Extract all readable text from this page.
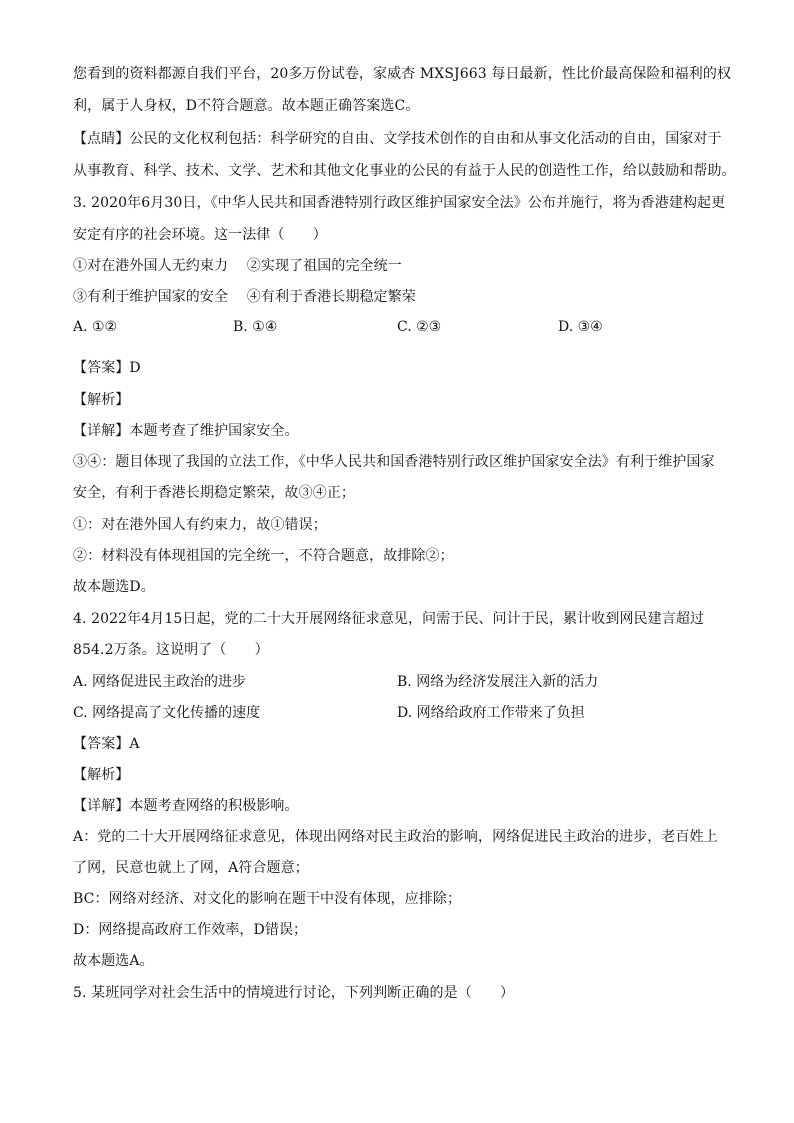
您看到的资料都源自我们平台，20多万份试卷，家威杏 MXSJ663 每日最新，性比价最高保险和福利的权
利，属于人身权，D不符合题意。故本题正确答案选C。
【点睛】公民的文化权利包括：科学研究的自由、文学技术创作的自由和从事文化活动的自由，国家对于
从事教育、科学、技术、文学、艺术和其他文化事业的公民的有益于人民的创造性工作，给以鼓励和帮助。
3. 2020年6月30日，《中华人民共和国香港特别行政区维护国家安全法》公布并施行，将为香港建构起更
安定有序的社会环境。这一法律（　　）
①对在港外国人无约束力　 ②实现了祖国的完全统一
③有利于维护国家的安全　 ④有利于香港长期稳定繁荣
A. ①②	B. ①④	C. ②③	D. ③④
【答案】D
【解析】
【详解】本题考查了维护国家安全。
③④：题目体现了我国的立法工作，《中华人民共和国香港特别行政区维护国家安全法》有利于维护国家
安全，有利于香港长期稳定繁荣，故③④正；
①：对在港外国人有约束力，故①错误；
②：材料没有体现祖国的完全统一，不符合题意，故排除②；
故本题选D。
4. 2022年4月15日起，党的二十大开展网络征求意见，问需于民、问计于民，累计收到网民建言超过
854.2万条。这说明了（　　）
A. 网络促进民主政治的进步	B. 网络为经济发展注入新的活力
C. 网络提高了文化传播的速度	D. 网络给政府工作带来了负担
【答案】A
【解析】
【详解】本题考查网络的积极影响。
A：党的二十大开展网络征求意见，体现出网络对民主政治的影响，网络促进民主政治的进步，老百姓上
了网，民意也就上了网，A符合题意；
BC：网络对经济、对文化的影响在题干中没有体现，应排除；
D：网络提高政府工作效率，D错误；
故本题选A。
5. 某班同学对社会生活中的情境进行讨论，下列判断正确的是（　　）
